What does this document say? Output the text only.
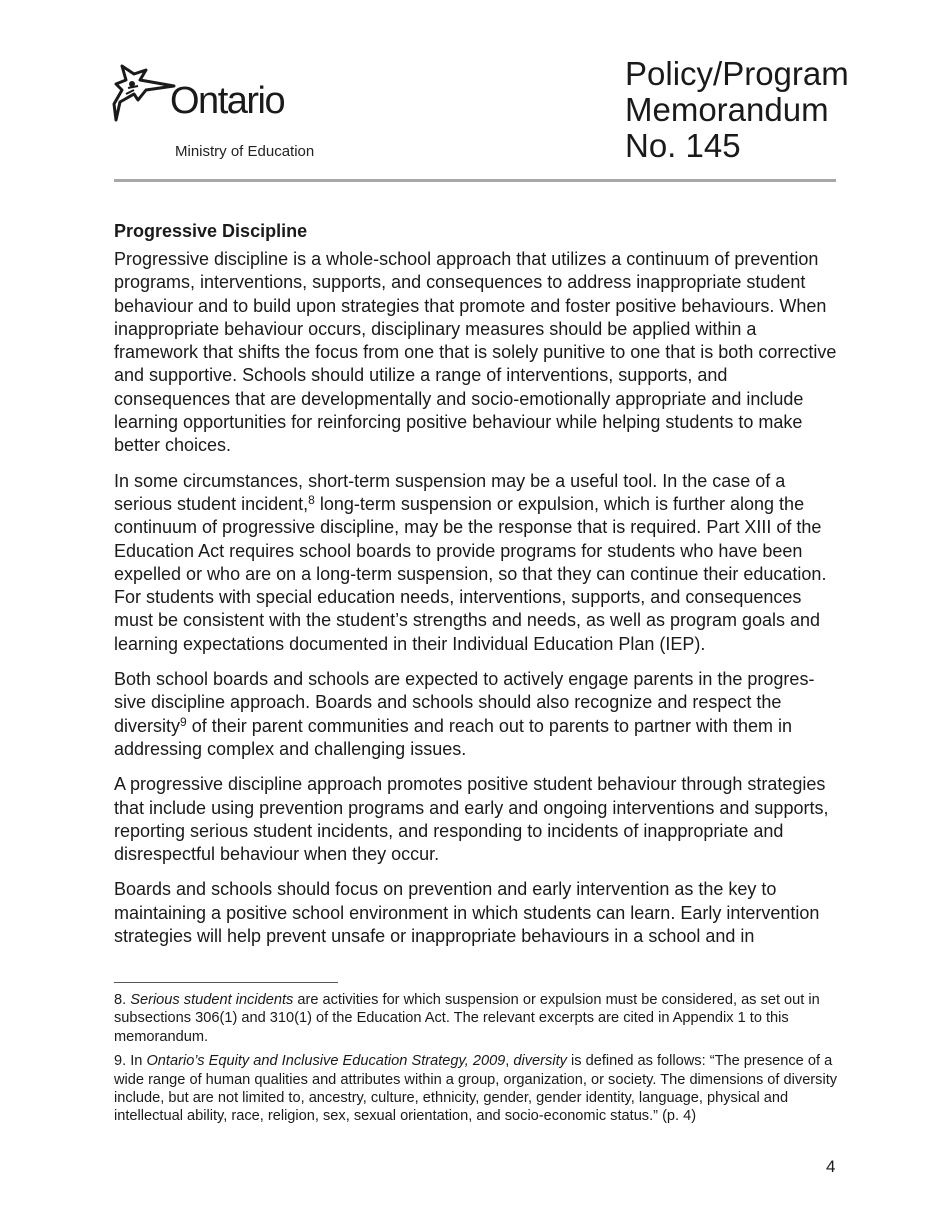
Ontario
Ministry of Education
Policy/Program
Memorandum
No. 145
Progressive Discipline

Progressive discipline is a whole-school approach that utilizes a continuum of prevention programs, interventions, supports, and consequences to address inappropriate student behaviour and to build upon strategies that promote and foster positive behaviours. When inappropriate behaviour occurs, disciplinary measures should be applied within a framework that shifts the focus from one that is solely punitive to one that is both corrective and supportive. Schools should utilize a range of interventions, supports, and consequences that are developmentally and socio-emotionally appropriate and include learning opportunities for reinforcing positive behaviour while helping students to make better choices.

In some circumstances, short-term suspension may be a useful tool. In the case of a serious student incident,$^8$ long-term suspension or expulsion, which is further along the continuum of progressive discipline, may be the response that is required. Part XIII of the Education Act requires school boards to provide programs for students who have been expelled or who are on a long-term suspension, so that they can continue their education. For students with special education needs, interventions, supports, and consequences must be consistent with the student’s strengths and needs, as well as program goals and learning expectations documented in their Individual Education Plan (IEP).

Both school boards and schools are expected to actively engage parents in the progressive discipline approach. Boards and schools should also recognize and respect the diversity$^9$ of their parent communities and reach out to parents to partner with them in addressing complex and challenging issues.

A progressive discipline approach promotes positive student behaviour through strategies that include using prevention programs and early and ongoing interventions and supports, reporting serious student incidents, and responding to incidents of inappropriate and disrespectful behaviour when they occur.

Boards and schools should focus on prevention and early intervention as the key to maintaining a positive school environment in which students can learn. Early intervention strategies will help prevent unsafe or inappropriate behaviours in a school and in

8. Serious student incidents are activities for which suspension or expulsion must be considered, as set out in subsections 306(1) and 310(1) of the Education Act. The relevant excerpts are cited in Appendix 1 to this memorandum.

9. In Ontario’s Equity and Inclusive Education Strategy, 2009, diversity is defined as follows: “The presence of a wide range of human qualities and attributes within a group, organization, or society. The dimensions of diversity include, but are not limited to, ancestry, culture, ethnicity, gender, gender identity, language, physical and intellectual ability, race, religion, sex, sexual orientation, and socio-economic status.” (p. 4)

4
